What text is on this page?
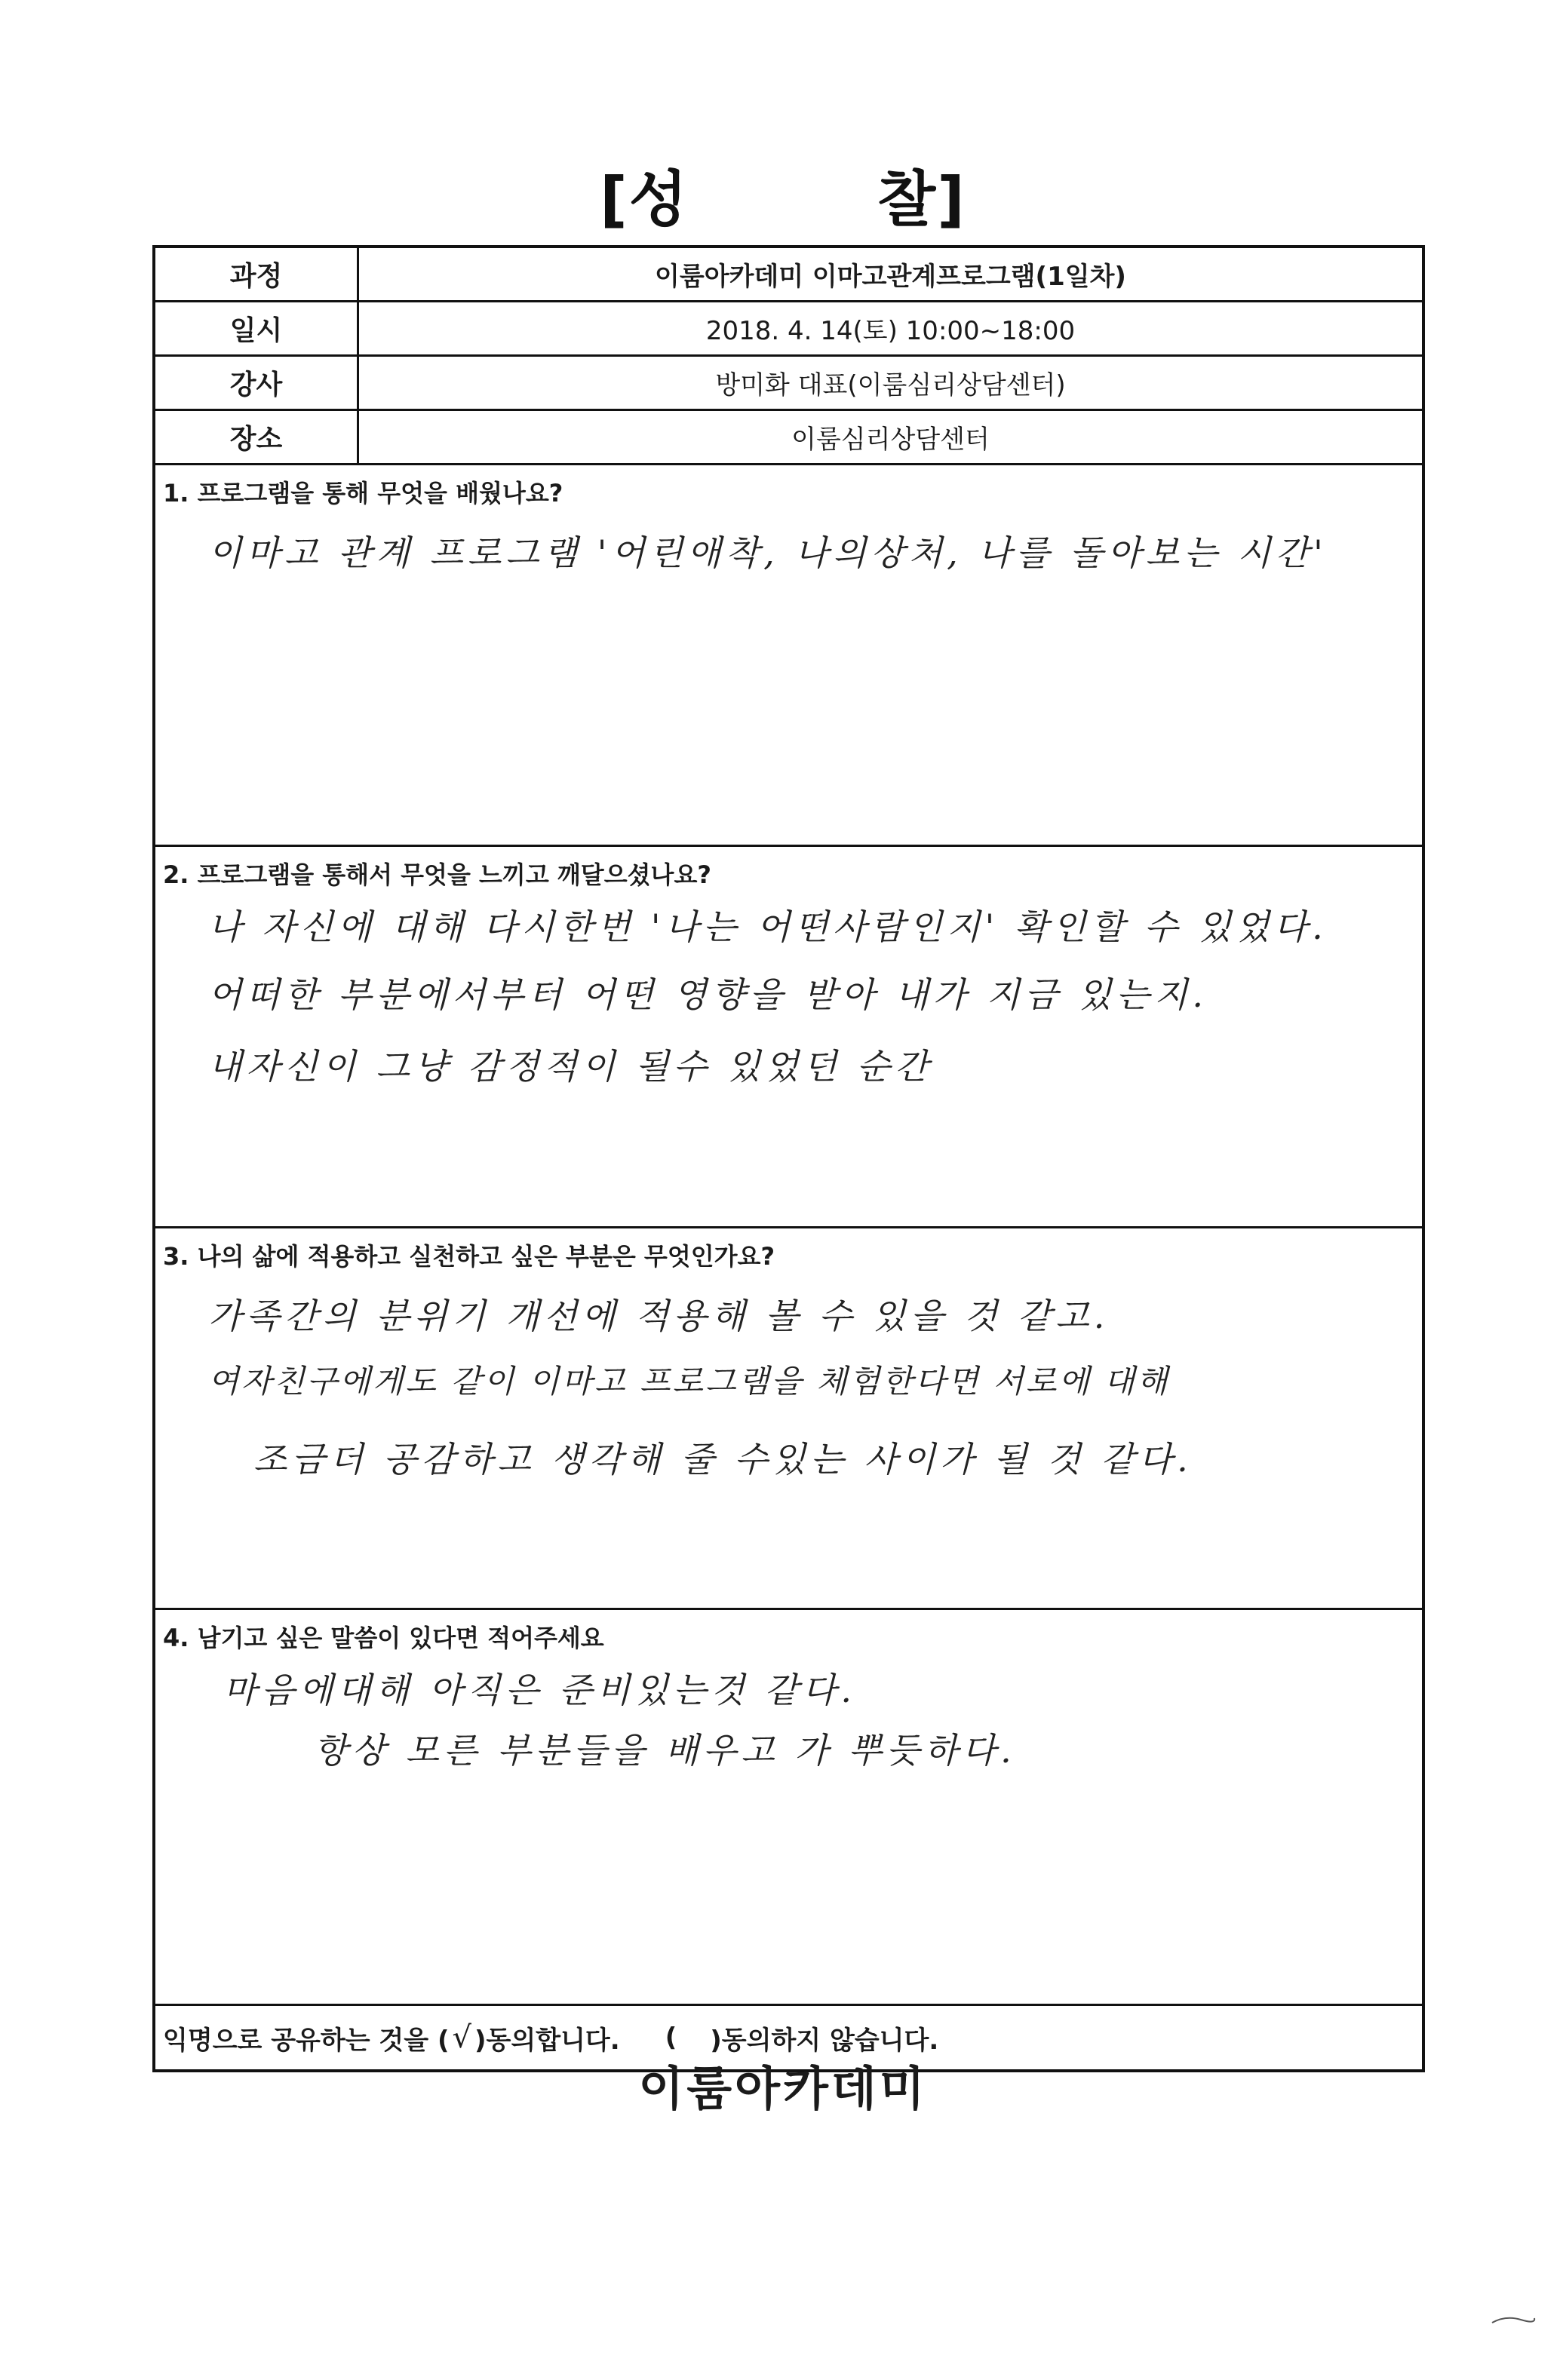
[성	찰]
과정	이룸아카데미 이마고관계프로그램(1일차)
일시	2018. 4. 14(토) 10:00~18:00
강사	방미화 대표(이룸심리상담센터)
장소	이룸심리상담센터
1. 프로그램을 통해 무엇을 배웠나요?
이마고 관계 프로그램 '어린애착, 나의상처, 나를 돌아보는 시간'
2. 프로그램을 통해서 무엇을 느끼고 깨달으셨나요?
나 자신에 대해 다시한번 '나는 어떤사람인지' 확인할 수 있었다.
어떠한 부분에서부터 어떤 영향을 받아 내가 지금 있는지.
내자신이 그냥 감정적이 될수 있었던 순간
3. 나의 삶에 적용하고 실천하고 싶은 부분은 무엇인가요?
가족간의 분위기 개선에 적용해 볼 수 있을 것 같고.
여자친구에게도 같이 이마고 프로그램을 체험한다면 서로에 대해
조금더 공감하고 생각해 줄 수있는 사이가 될 것 같다.
4. 남기고 싶은 말씀이 있다면 적어주세요
마음에대해 아직은 준비있는것 같다.
항상 모른 부분들을 배우고 가 뿌듯하다.
익명으로 공유하는 것을 ( √ )동의합니다. ( )동의하지 않습니다.
이룸아카데미
